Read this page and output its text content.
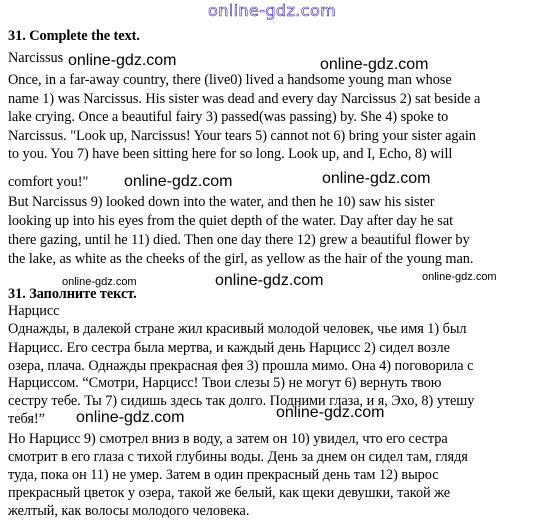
31. Complete the text.
Narcissus
Once, in a far-away country, there (live0) lived a handsome young man whose
name 1) was Narcissus. His sister was dead and every day Narcissus 2) sat beside a
lake crying. Once a beautiful fairy 3) passed(was passing) by. She 4) spoke to
Narcissus. "Look up, Narcissus! Your tears 5) cannot not 6) bring your sister again
to you. You 7) have been sitting here for so long. Look up, and I, Echo, 8) will
comfort you!"
But Narcissus 9) looked down into the water, and then he 10) saw his sister
looking up into his eyes from the quiet depth of the water. Day after day he sat
there gazing, until he 11) died. Then one day there 12) grew a beautiful flower by
the lake, as white as the cheeks of the girl, as yellow as the hair of the young man.
31. Заполните текст.
Нарцисс
Однажды, в далекой стране жил красивый молодой человек, чье имя 1) был
Нарцисс. Его сестра была мертва, и каждый день Нарцисс 2) сидел возле
озера, плача. Однажды прекрасная фея 3) прошла мимо. Она 4) поговорила с
Нарциссом. “Смотри, Нарцисс! Твои слезы 5) не могут 6) вернуть твою
сестру тебе. Ты 7) сидишь здесь так долго. Подними глаза, и я, Эхо, 8) утешу
тебя!”
Но Нарцисс 9) смотрел вниз в воду, а затем он 10) увидел, что его сестра
смотрит в его глаза с тихой глубины воды. День за днем он сидел там, глядя
туда, пока он 11) не умер. Затем в один прекрасный день там 12) вырос
прекрасный цветок у озера, такой же белый, как щеки девушки, такой же
желтый, как волосы молодого человека.
online-gdz.com
online-gdz.com	online-gdz.com
online-gdz.com	online-gdz.com
online-gdz.com
online-gdz.com	online-gdz.com
online-gdz.com	online-gdz.com
